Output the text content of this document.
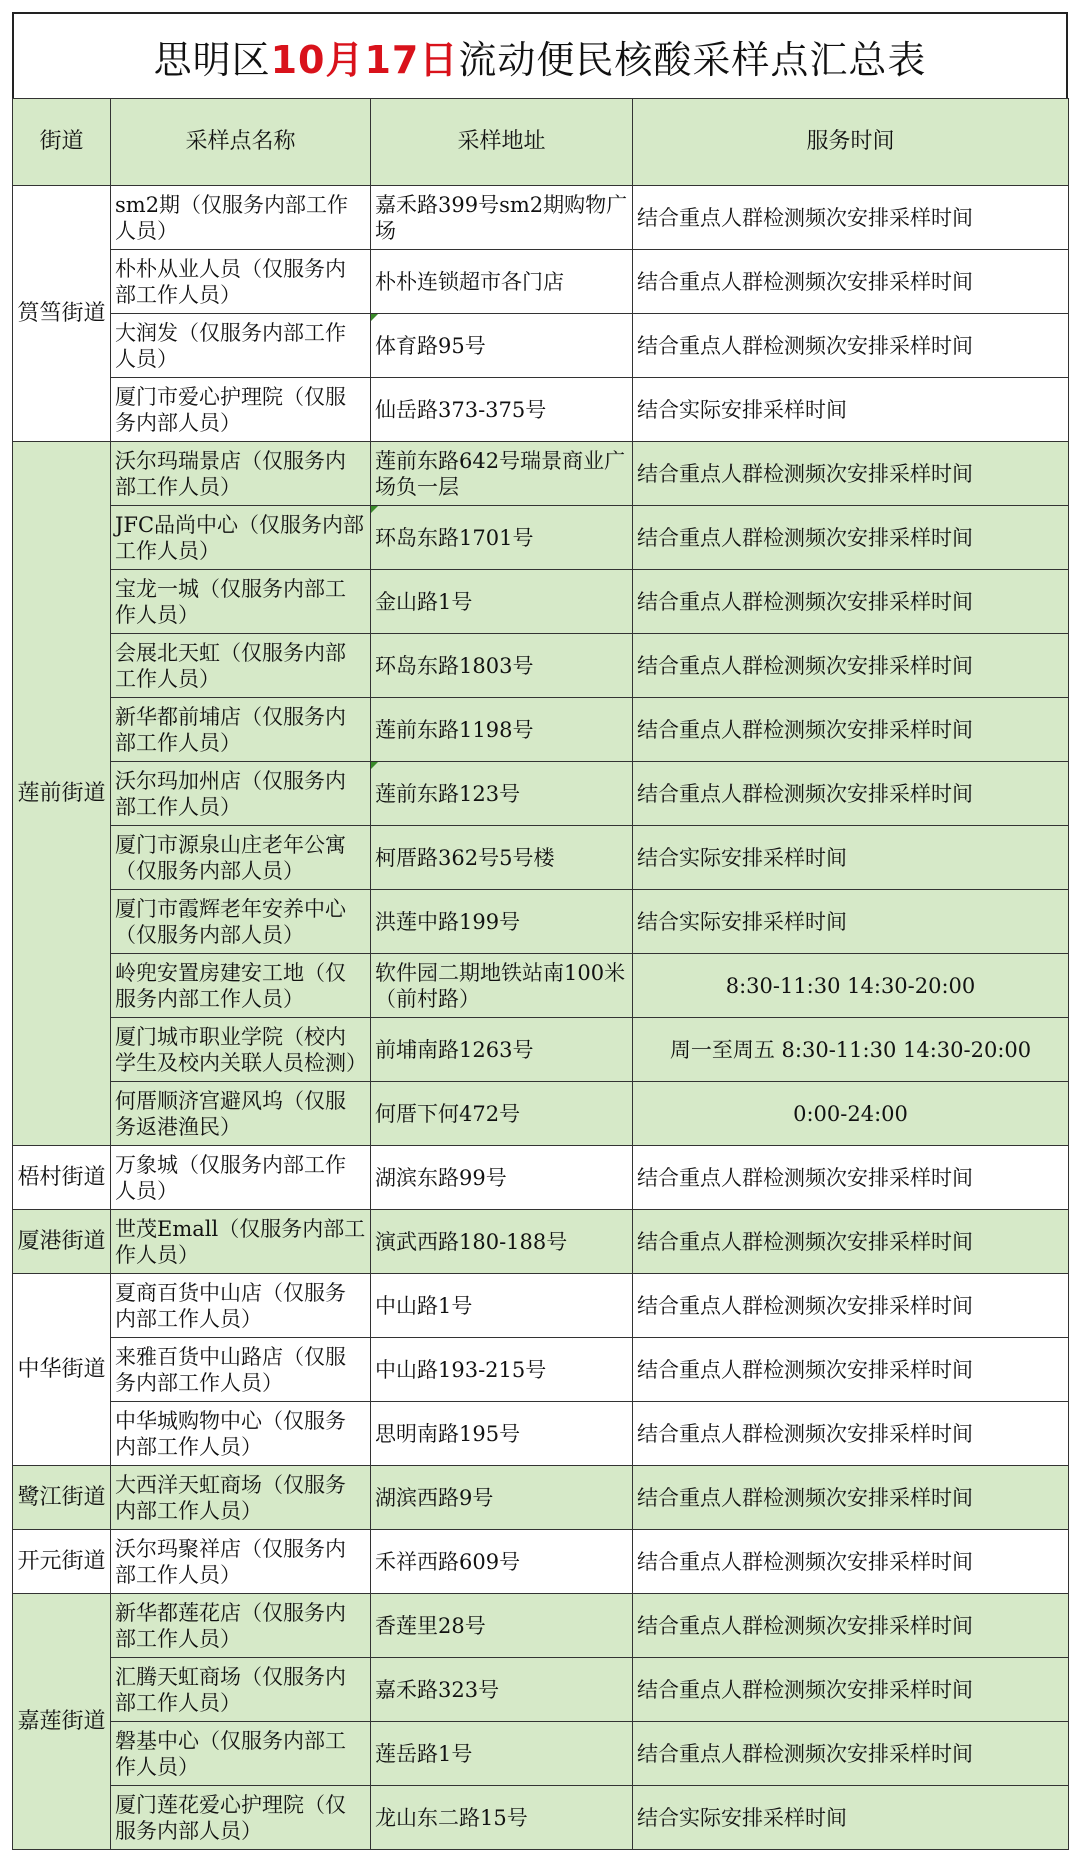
思明区 10月17日 流动便民核酸采样点汇总表
街道	采样点名称	采样地址	服务时间
筼筜街道	sm2期（仅服务内部工作人员）	嘉禾路399号sm2期购物广场	结合重点人群检测频次安排采样时间
	朴朴从业人员（仅服务内部工作人员）	朴朴连锁超市各门店	结合重点人群检测频次安排采样时间
	大润发（仅服务内部工作人员）	体育路95号	结合重点人群检测频次安排采样时间
	厦门市爱心护理院（仅服务内部人员）	仙岳路373-375号	结合实际安排采样时间
莲前街道	沃尔玛瑞景店（仅服务内部工作人员）	莲前东路642号瑞景商业广场负一层	结合重点人群检测频次安排采样时间
	JFC品尚中心（仅服务内部工作人员）	环岛东路1701号	结合重点人群检测频次安排采样时间
	宝龙一城（仅服务内部工作人员）	金山路1号	结合重点人群检测频次安排采样时间
	会展北天虹（仅服务内部工作人员）	环岛东路1803号	结合重点人群检测频次安排采样时间
	新华都前埔店（仅服务内部工作人员）	莲前东路1198号	结合重点人群检测频次安排采样时间
	沃尔玛加州店（仅服务内部工作人员）	莲前东路123号	结合重点人群检测频次安排采样时间
	厦门市源泉山庄老年公寓（仅服务内部人员）	柯厝路362号5号楼	结合实际安排采样时间
	厦门市霞辉老年安养中心（仅服务内部人员）	洪莲中路199号	结合实际安排采样时间
	岭兜安置房建安工地（仅服务内部工作人员）	软件园二期地铁站南100米（前村路）	8:30-11:30 14:30-20:00
	厦门城市职业学院（校内学生及校内关联人员检测）	前埔南路1263号	周一至周五 8:30-11:30 14:30-20:00
	何厝顺济宫避风坞（仅服务返港渔民）	何厝下何472号	0:00-24:00
梧村街道	万象城（仅服务内部工作人员）	湖滨东路99号	结合重点人群检测频次安排采样时间
厦港街道	世茂Emall（仅服务内部工作人员）	演武西路180-188号	结合重点人群检测频次安排采样时间
中华街道	夏商百货中山店（仅服务内部工作人员）	中山路1号	结合重点人群检测频次安排采样时间
	来雅百货中山路店（仅服务内部工作人员）	中山路193-215号	结合重点人群检测频次安排采样时间
	中华城购物中心（仅服务内部工作人员）	思明南路195号	结合重点人群检测频次安排采样时间
鹭江街道	大西洋天虹商场（仅服务内部工作人员）	湖滨西路9号	结合重点人群检测频次安排采样时间
开元街道	沃尔玛聚祥店（仅服务内部工作人员）	禾祥西路609号	结合重点人群检测频次安排采样时间
嘉莲街道	新华都莲花店（仅服务内部工作人员）	香莲里28号	结合重点人群检测频次安排采样时间
	汇腾天虹商场（仅服务内部工作人员）	嘉禾路323号	结合重点人群检测频次安排采样时间
	磐基中心（仅服务内部工作人员）	莲岳路1号	结合重点人群检测频次安排采样时间
	厦门莲花爱心护理院（仅服务内部人员）	龙山东二路15号	结合实际安排采样时间
